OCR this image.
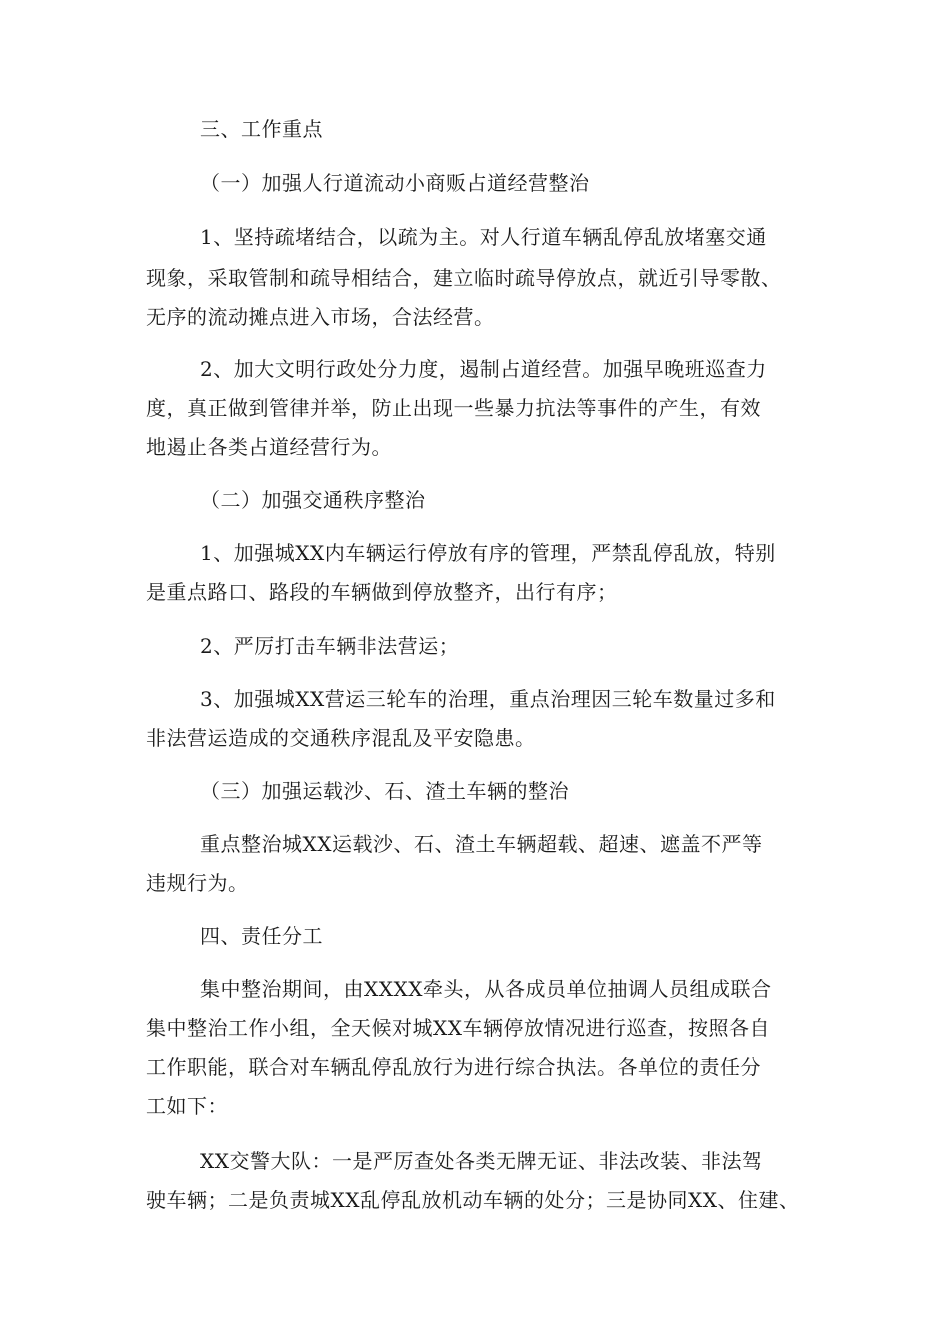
三、工作重点
（一）加强人行道流动小商贩占道经营整治
1、坚持疏堵结合，以疏为主。对人行道车辆乱停乱放堵塞交通
现象，采取管制和疏导相结合，建立临时疏导停放点，就近引导零散、
无序的流动摊点进入市场，合法经营。
2、加大文明行政处分力度，遏制占道经营。加强早晚班巡查力
度，真正做到管律并举，防止出现一些暴力抗法等事件的产生，有效
地遏止各类占道经营行为。
（二）加强交通秩序整治
1、加强城XX内车辆运行停放有序的管理，严禁乱停乱放，特别
是重点路口、路段的车辆做到停放整齐，出行有序；
2、严厉打击车辆非法营运；
3、加强城XX营运三轮车的治理，重点治理因三轮车数量过多和
非法营运造成的交通秩序混乱及平安隐患。
（三）加强运载沙、石、渣土车辆的整治
重点整治城XX运载沙、石、渣土车辆超载、超速、遮盖不严等
违规行为。
四、责任分工
集中整治期间，由XXXX牵头，从各成员单位抽调人员组成联合
集中整治工作小组，全天候对城XX车辆停放情况进行巡查，按照各自
工作职能，联合对车辆乱停乱放行为进行综合执法。各单位的责任分
工如下：
XX交警大队：一是严厉查处各类无牌无证、非法改装、非法驾
驶车辆；二是负责城XX乱停乱放机动车辆的处分；三是协同XX、住建、
